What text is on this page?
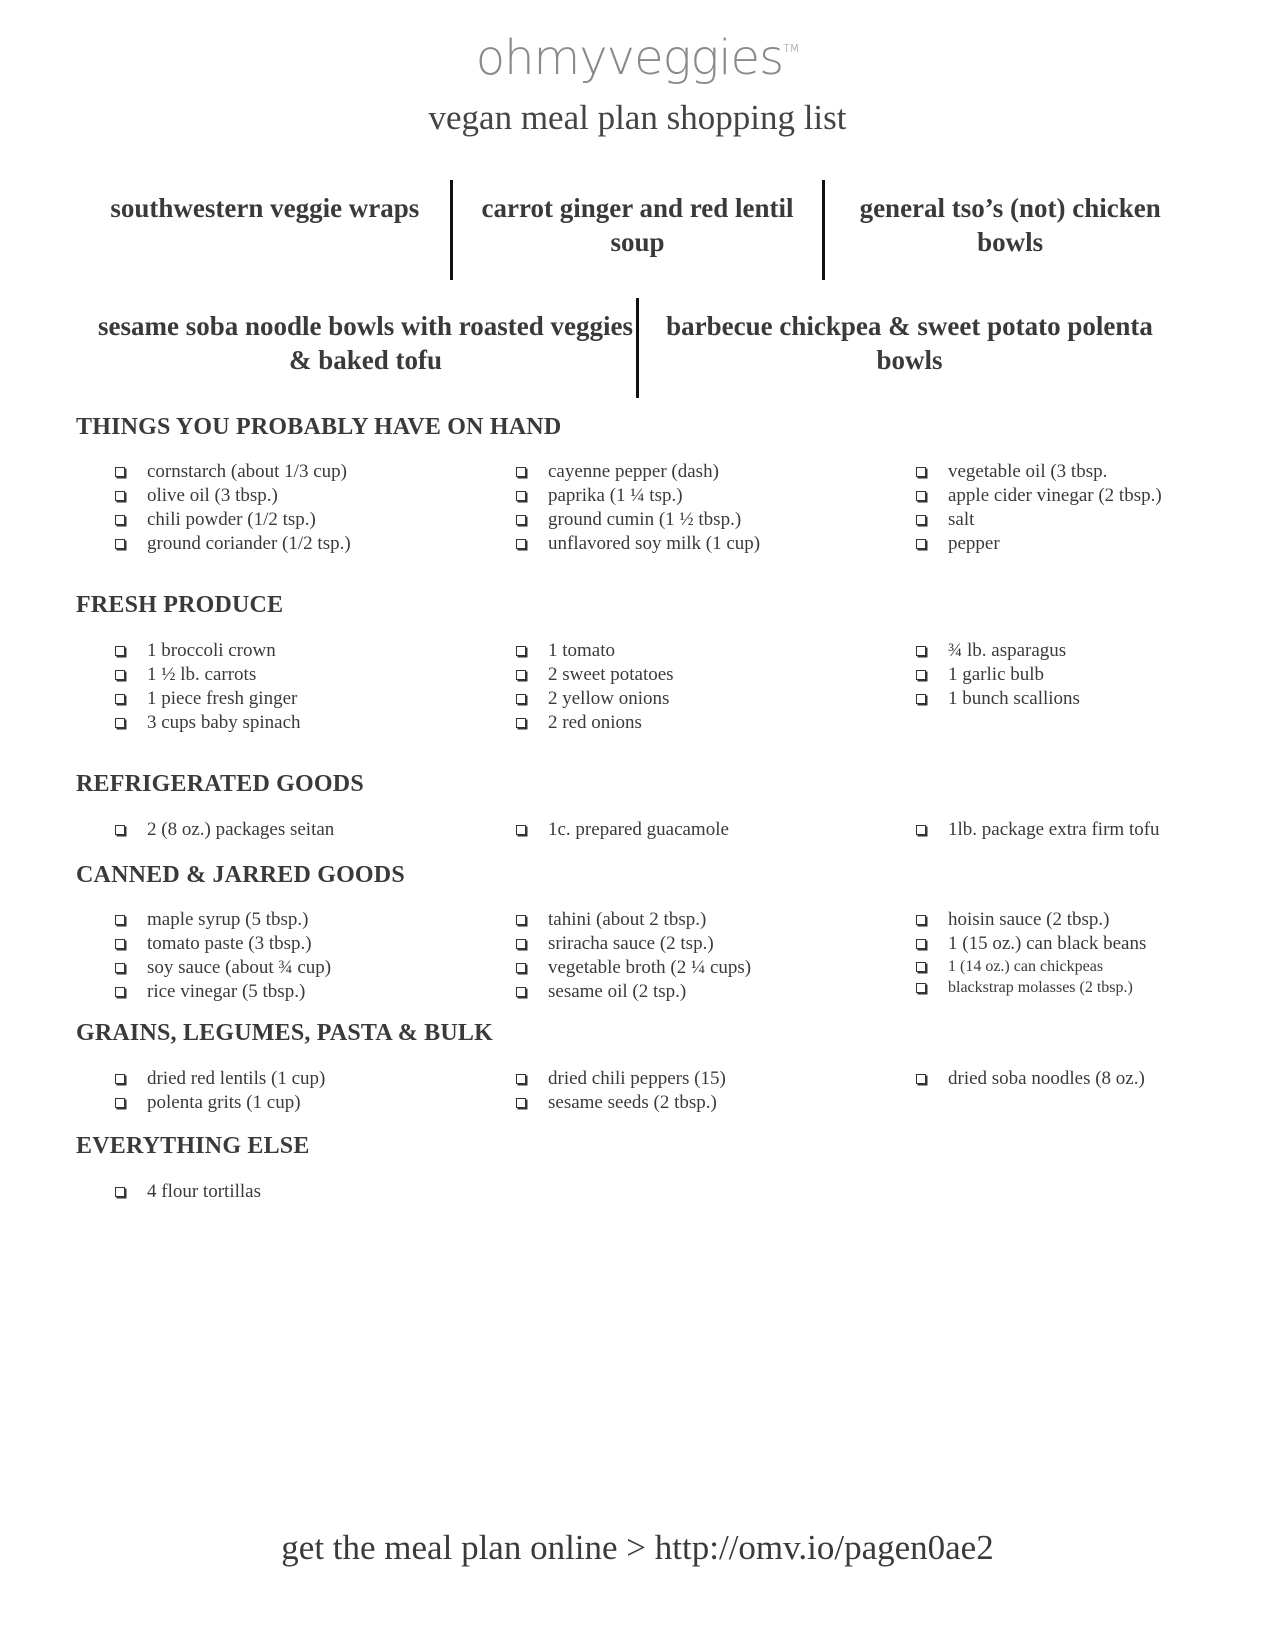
ohmyveggies™
vegan meal plan shopping list
southwestern veggie wraps	carrot ginger and red lentil soup
general tso’s (not) chicken bowls
sesame soba noodle bowls with roasted veggies & baked tofu
barbecue chickpea & sweet potato polenta bowls
THINGS YOU PROBABLY HAVE ON HAND
cornstarch (about 1/3 cup)
olive oil (3 tbsp.)
chili powder (1/2 tsp.)
ground coriander (1/2 tsp.)
cayenne pepper (dash)
paprika (1 ¼ tsp.)
ground cumin (1 ½ tbsp.)
unflavored soy milk (1 cup)
vegetable oil (3 tbsp.
apple cider vinegar (2 tbsp.)
salt
pepper
FRESH PRODUCE
1 broccoli crown
1 ½ lb. carrots
1 piece fresh ginger
3 cups baby spinach
1 tomato
2 sweet potatoes
2 yellow onions
2 red onions
¾ lb. asparagus
1 garlic bulb
1 bunch scallions
REFRIGERATED GOODS
2 (8 oz.) packages seitan	1c. prepared guacamole	1lb. package extra firm tofu
CANNED & JARRED GOODS
maple syrup (5 tbsp.)
tomato paste (3 tbsp.)
soy sauce (about ¾ cup)
rice vinegar (5 tbsp.)
tahini (about 2 tbsp.)
sriracha sauce (2 tsp.)
vegetable broth (2 ¼ cups)
sesame oil (2 tsp.)
hoisin sauce (2 tbsp.)
1 (15 oz.) can black beans
1 (14 oz.) can chickpeas
blackstrap molasses (2 tbsp.)
GRAINS, LEGUMES, PASTA & BULK
dried red lentils (1 cup)
polenta grits (1 cup)
dried chili peppers (15)
sesame seeds (2 tbsp.)
dried soba noodles (8 oz.)
EVERYTHING ELSE
4 flour tortillas
get the meal plan online > http://omv.io/pagen0ae2
